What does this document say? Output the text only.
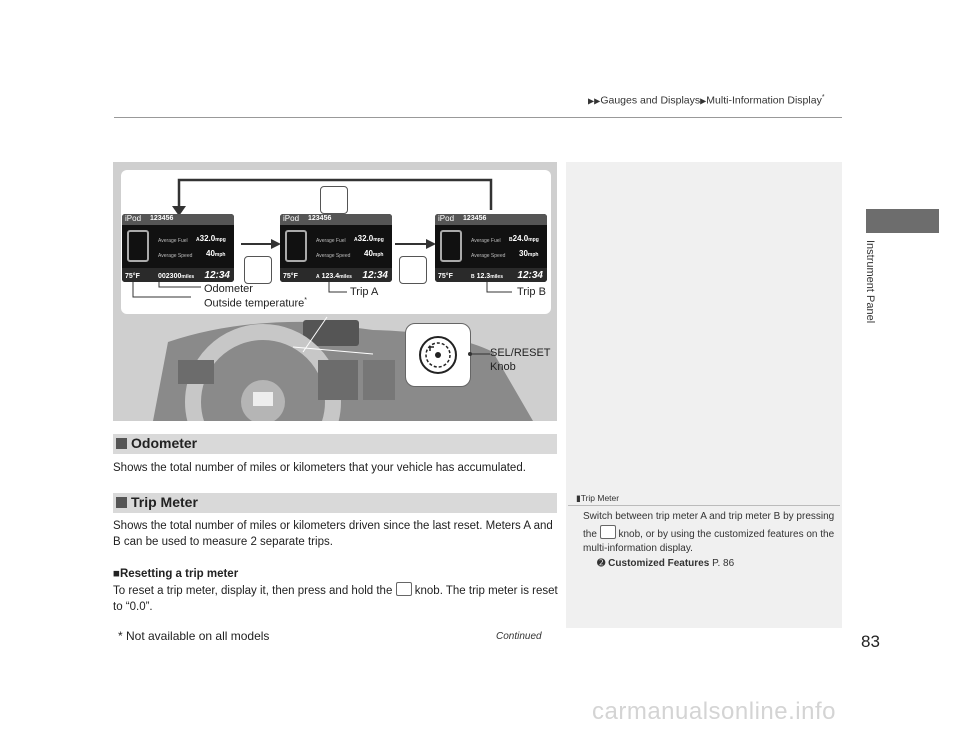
▶▶Gauges and Displays▶Multi-Information Display*
Instrument Panel
iPod 123456
Average Fuel A32.0mpg
Average Speed 40mph
75°F	002300miles 12:34
iPod 123456
Average Fuel A32.0mpg
Average Speed 40mph
75°F	A 123.4miles 12:34
iPod 123456
Average Fuel B24.0mpg
Average Speed 30mph
75°F	B 12.3miles 12:34
Odometer
Outside temperature*
Trip A	Trip B
SEL/RESET
Knob
Odometer
Shows the total number of miles or kilometers that your vehicle has accumulated.
Trip Meter
Shows the total number of miles or kilometers driven since the last reset. Meters A and B can be used to measure 2 separate trips.
■Resetting a trip meter
To reset a trip meter, display it, then press and hold the knob. The trip meter is reset to “0.0”.
▮Trip Meter
Switch between trip meter A and trip meter B by pressing the knob, or by using the customized features on the multi-information display.
➋ Customized Features P. 86
* Not available on all models	Continued	83
carmanualsonline.info
